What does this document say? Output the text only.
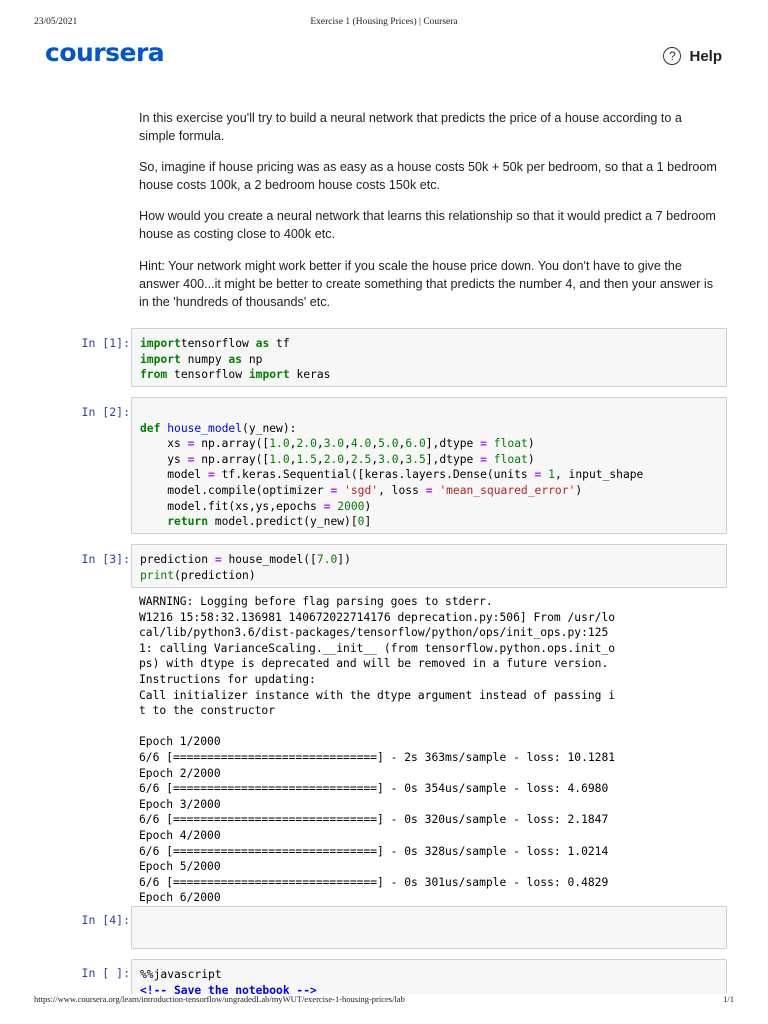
23/05/2021	Exercise 1 (Housing Prices) | Coursera
coursera	? Help

In this exercise you'll try to build a neural network that predicts the price of a house according to a simple formula.

So, imagine if house pricing was as easy as a house costs 50k + 50k per bedroom, so that a 1 bedroom house costs 100k, a 2 bedroom house costs 150k etc.

How would you create a neural network that learns this relationship so that it would predict a 7 bedroom house as costing close to 400k etc.

Hint: Your network might work better if you scale the house price down. You don't have to give the answer 400...it might be better to create something that predicts the number 4, and then your answer is in the 'hundreds of thousands' etc.

In [1]: importtensorflow as tf
import numpy as np
from tensorflow import keras
In [2]:

def house_model(y_new):
xs = np.array([1.0,2.0,3.0,4.0,5.0,6.0],dtype = float)
ys = np.array([1.0,1.5,2.0,2.5,3.0,3.5],dtype = float)
model = tf.keras.Sequential([keras.layers.Dense(units = 1, input_shape
model.compile(optimizer = 'sgd', loss = 'mean_squared_error')
model.fit(xs,ys,epochs = 2000)
return model.predict(y_new)[0]
In [3]: prediction = house_model([7.0])
print(prediction)
WARNING: Logging before flag parsing goes to stderr.
W1216 15:58:32.136981 140672022714176 deprecation.py:506] From /usr/lo
cal/lib/python3.6/dist-packages/tensorflow/python/ops/init_ops.py:125
1: calling VarianceScaling.__init__ (from tensorflow.python.ops.init_o
ps) with dtype is deprecated and will be removed in a future version.
Instructions for updating:
Call initializer instance with the dtype argument instead of passing i
t to the constructor

Epoch 1/2000
6/6 [==============================] - 2s 363ms/sample - loss: 10.1281
Epoch 2/2000
6/6 [==============================] - 0s 354us/sample - loss: 4.6980
Epoch 3/2000
6/6 [==============================] - 0s 320us/sample - loss: 2.1847
Epoch 4/2000
6/6 [==============================] - 0s 328us/sample - loss: 1.0214
Epoch 5/2000
6/6 [==============================] - 0s 301us/sample - loss: 0.4829
Epoch 6/2000
In [4]:
In [ ]: %%javascript
<!-- Save the notebook -->
https://www.coursera.org/learn/introduction-tensorflow/ungradedLab/myWUT/exercise-1-housing-prices/lab	1/1
